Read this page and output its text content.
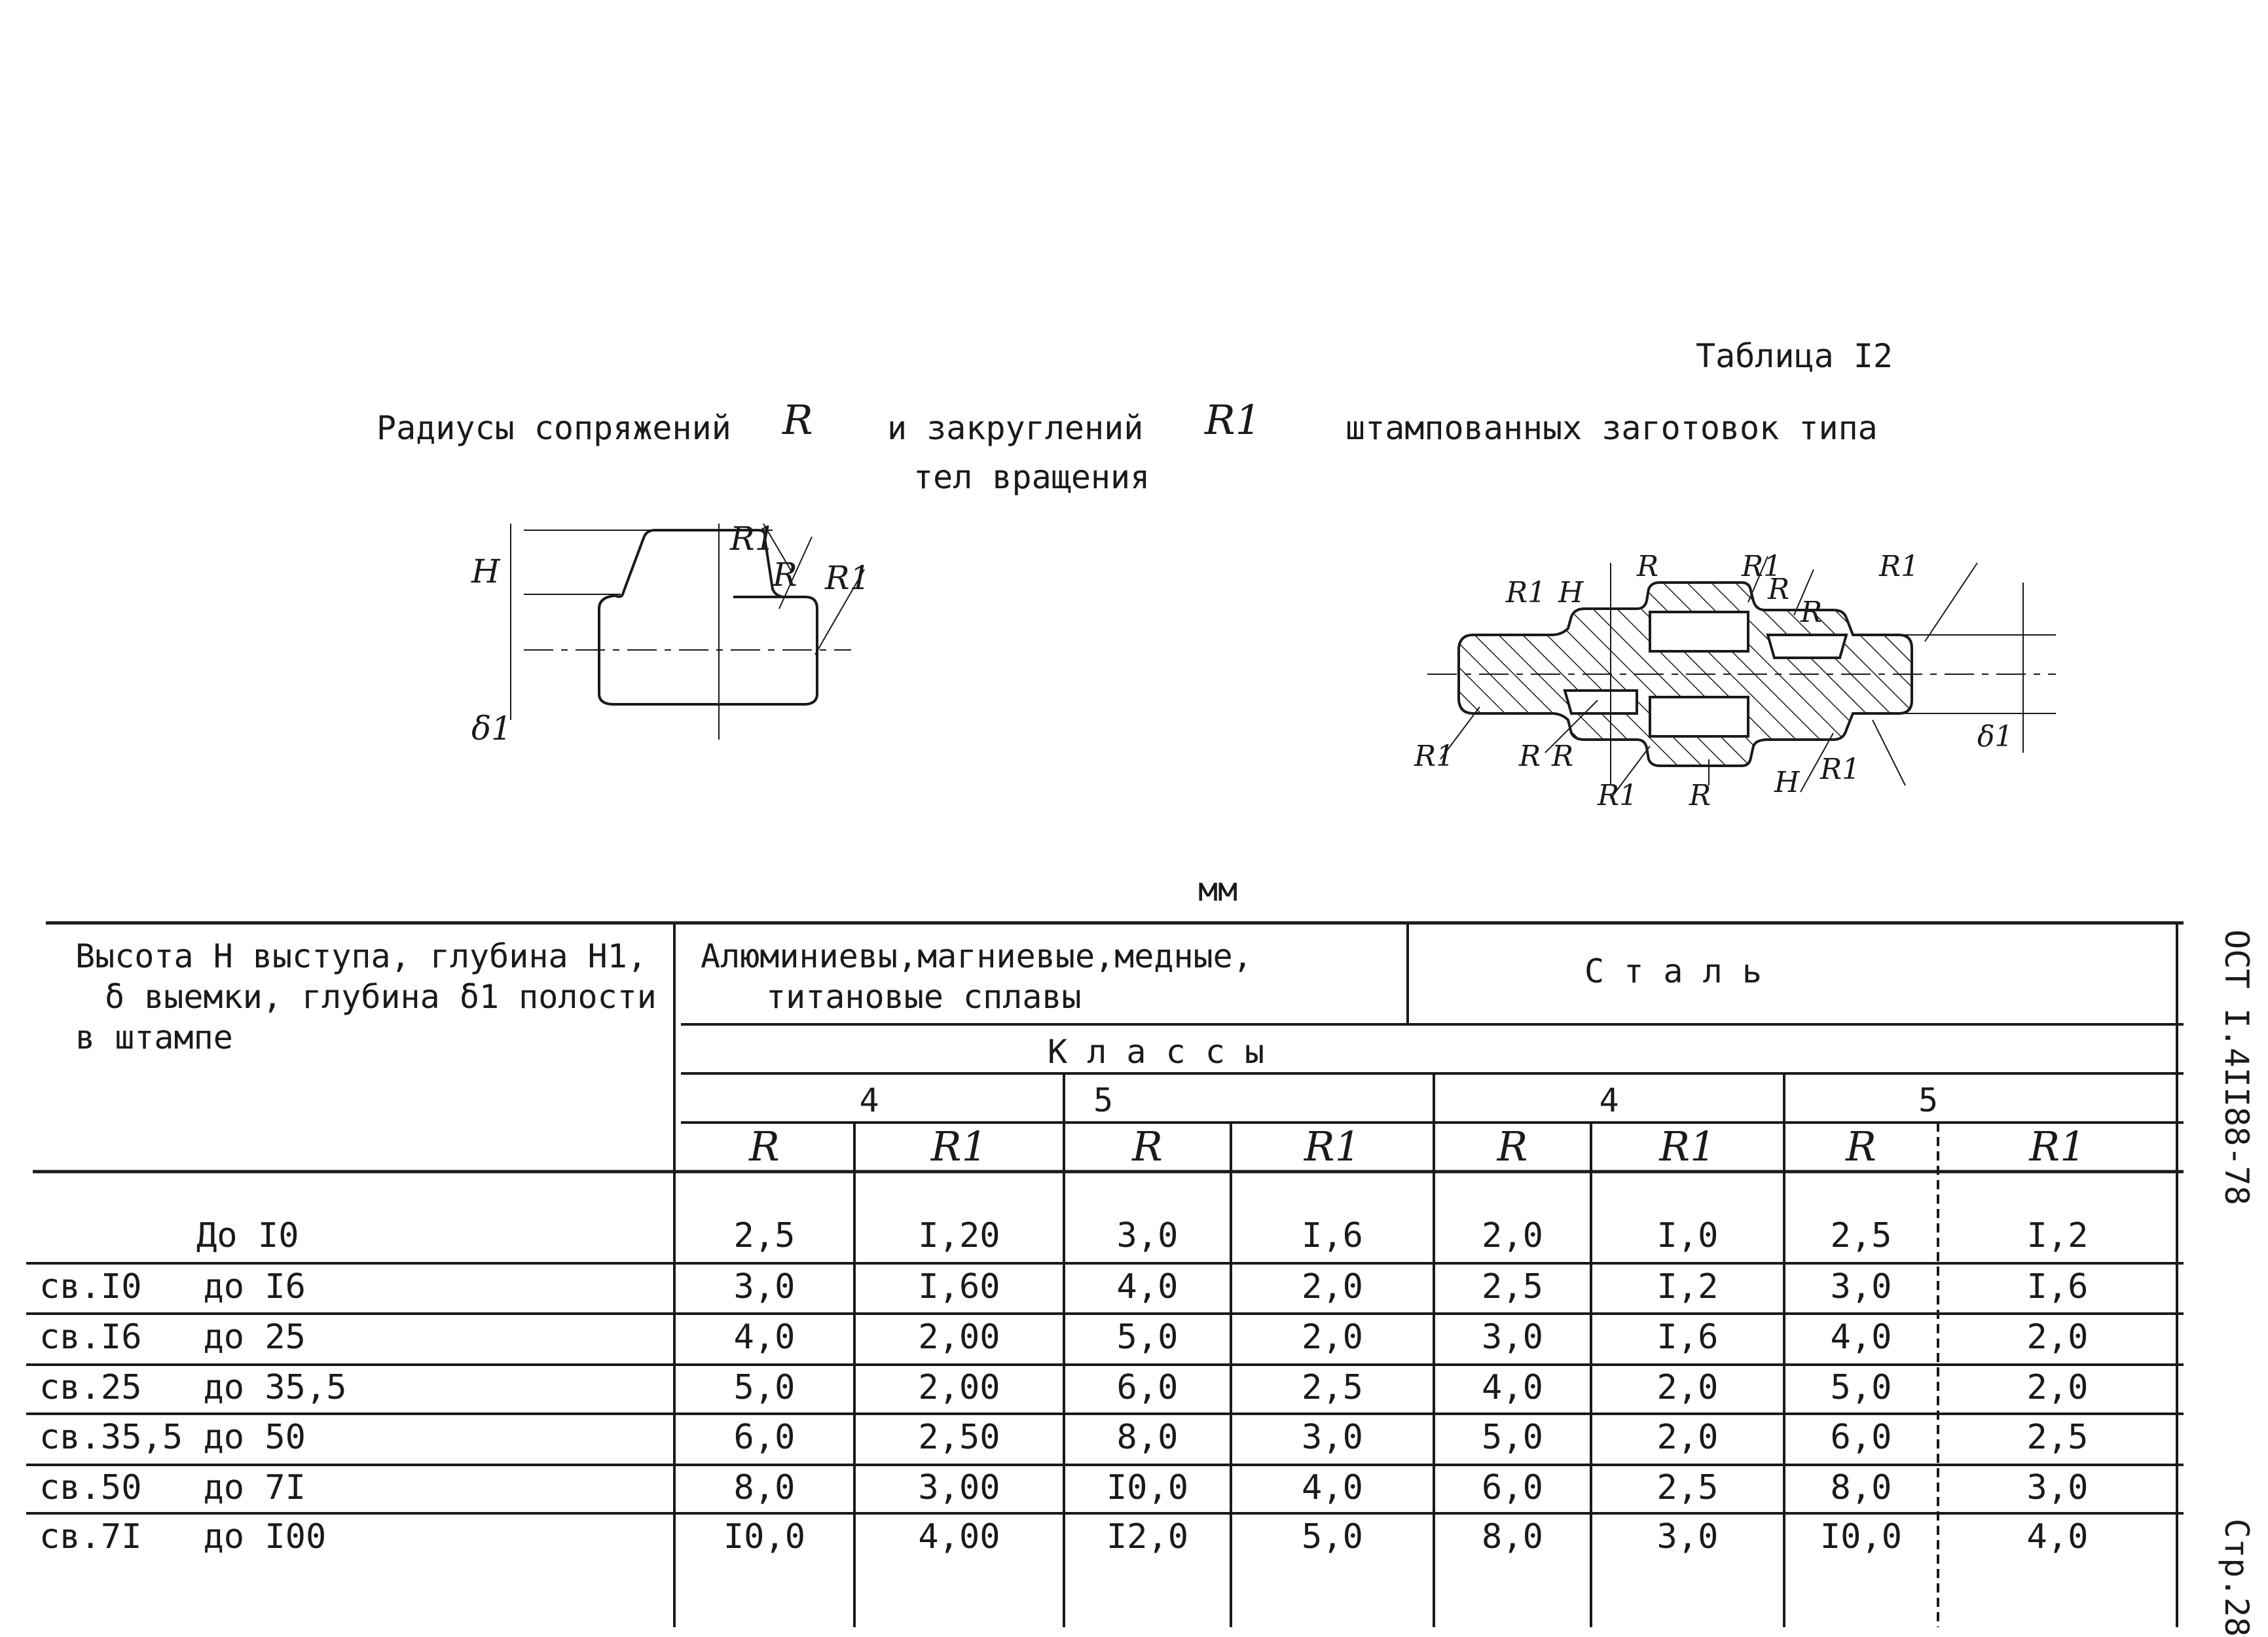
Таблица I2
Радиусы сопряжений R и закруглений R1	штампованных заготовок типа
тел вращения
мм
ОСТ I.4II88-78
Стр.28
H
R1
R R1
δ1
R1 H
R	R1
R
R1
R
R1 R R
R1 R H R1
δ1
Высота H выступа, глубина H1,
δ выемки, глубина δ1 полости
в штампе
Алюминиевы,магниевые,медные,
титановые сплавы
С т а л ь
К л а с с ы
4	5	4	5
R	R1	R	R1	R	R1	R	R1
До I0	2,5	I,20	3,0	I,6	2,0	I,0	2,5	I,2
св.I0   до I6	3,0	I,60	4,0	2,0	2,5	I,2	3,0	I,6
св.I6   до 25	4,0	2,00	5,0	2,0	3,0	I,6	4,0	2,0
св.25   до 35,5	5,0	2,00	6,0	2,5	4,0	2,0	5,0	2,0
св.35,5 до 50	6,0	2,50	8,0	3,0	5,0	2,0	6,0	2,5
св.50   до 7I	8,0	3,00	I0,0	4,0	6,0	2,5	8,0	3,0
св.7I   до I00	I0,0	4,00	I2,0	5,0	8,0	3,0	I0,0	4,0
